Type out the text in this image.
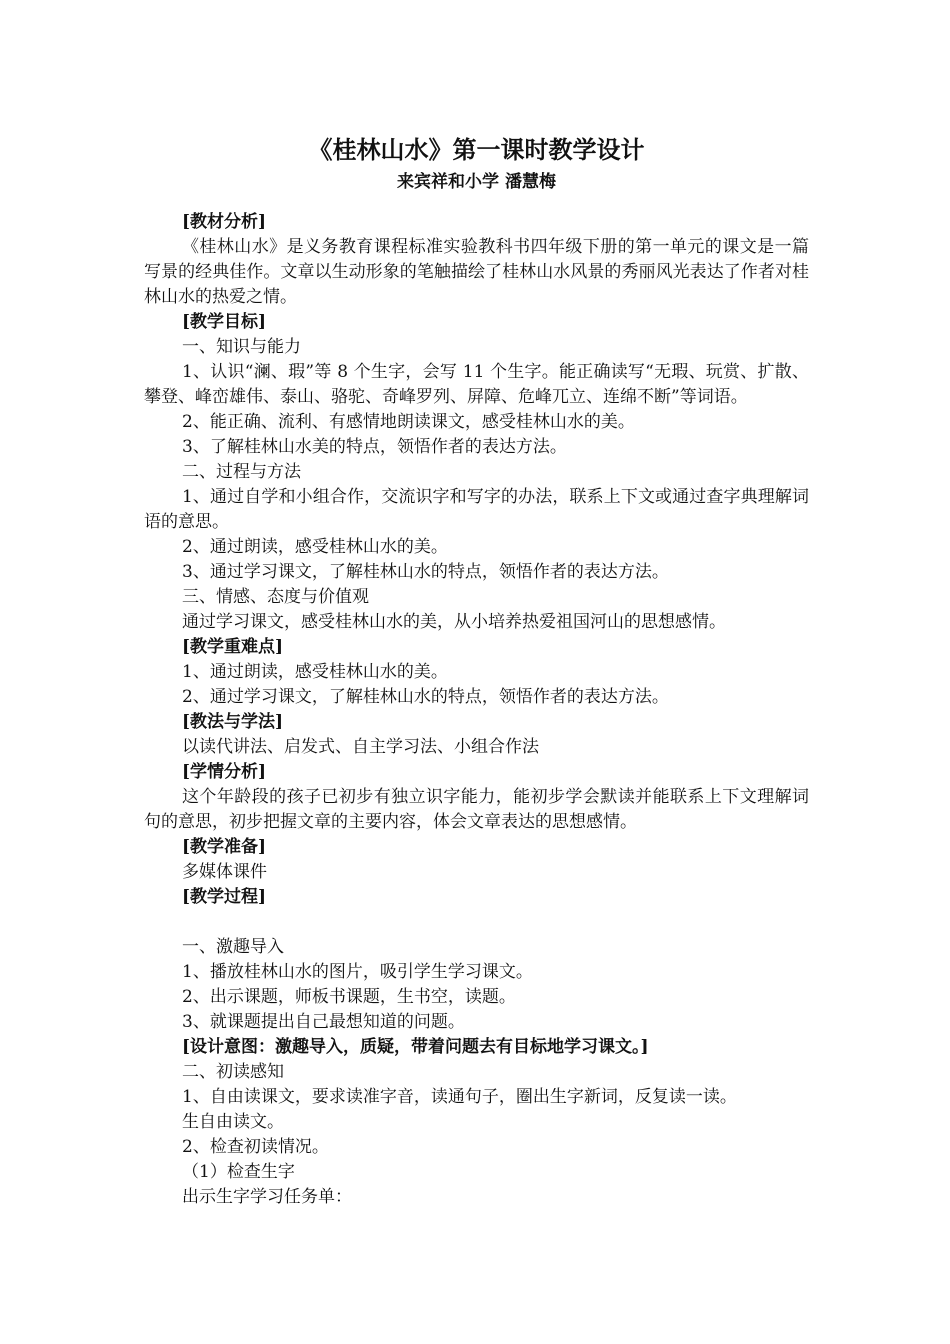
《桂林山水》第一课时教学设计

来宾祥和小学 潘慧梅

[教材分析]

《桂林山水》是义务教育课程标准实验教科书四年级下册的第一单元的课文是一篇写景的经典佳作。文章以生动形象的笔触描绘了桂林山水风景的秀丽风光表达了作者对桂林山水的热爱之情。

[教学目标]

一、知识与能力

1、认识“澜、瑕”等 8 个生字，会写 11 个生字。能正确读写“无瑕、玩赏、扩散、攀登、峰峦雄伟、泰山、骆驼、奇峰罗列、屏障、危峰兀立、连绵不断”等词语。

2、能正确、流利、有感情地朗读课文，感受桂林山水的美。

3、了解桂林山水美的特点，领悟作者的表达方法。

二、过程与方法

1、通过自学和小组合作，交流识字和写字的办法，联系上下文或通过查字典理解词语的意思。

2、通过朗读，感受桂林山水的美。

3、通过学习课文，了解桂林山水的特点，领悟作者的表达方法。

三、情感、态度与价值观

通过学习课文，感受桂林山水的美，从小培养热爱祖国河山的思想感情。

[教学重难点]

1、通过朗读，感受桂林山水的美。

2、通过学习课文，了解桂林山水的特点，领悟作者的表达方法。

[教法与学法]

以读代讲法、启发式、自主学习法、小组合作法

[学情分析]

这个年龄段的孩子已初步有独立识字能力，能初步学会默读并能联系上下文理解词句的意思，初步把握文章的主要内容，体会文章表达的思想感情。

[教学准备]

多媒体课件

[教学过程]

一、激趣导入

1、播放桂林山水的图片，吸引学生学习课文。

2、出示课题，师板书课题，生书空，读题。

3、就课题提出自己最想知道的问题。

[设计意图：激趣导入，质疑，带着问题去有目标地学习课文。]

二、初读感知

1、自由读课文，要求读准字音，读通句子，圈出生字新词，反复读一读。

生自由读文。

2、检查初读情况。

（1）检查生字

出示生字学习任务单：
